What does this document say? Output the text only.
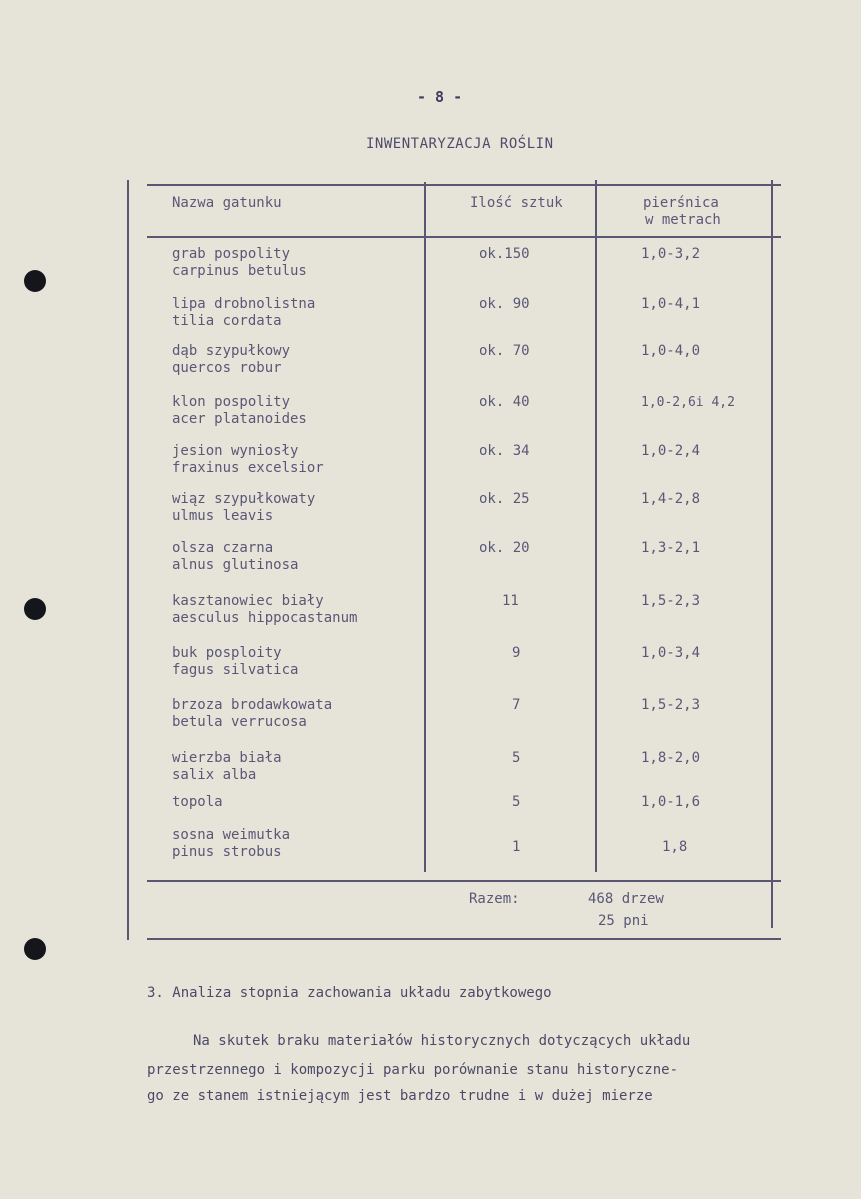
- 8 -
INWENTARYZACJA ROŚLIN
Nazwa gatunku	Ilość sztuk	pierśnica
w metrach
grab pospolity
carpinus betulus
ok.150	1,0-3,2
lipa drobnolistna
tilia cordata
ok. 90	1,0-4,1
dąb szypułkowy
quercos robur
ok. 70	1,0-4,0
klon pospolity
acer platanoides
ok. 40	1,0-2,6i 4,2
jesion wyniosły
fraxinus excelsior
ok. 34	1,0-2,4
wiąz szypułkowaty
ulmus leavis
ok. 25	1,4-2,8
olsza czarna
alnus glutinosa
ok. 20	1,3-2,1
kasztanowiec biały
aesculus hippocastanum
11	1,5-2,3
buk posploity
fagus silvatica
9	1,0-3,4
brzoza brodawkowata
betula verrucosa
7	1,5-2,3
wierzba biała
salix alba
5	1,8-2,0
topola	5	1,0-1,6
sosna weimutka
pinus strobus	1	1,8
Razem:	468 drzew
25 pni
3. Analiza stopnia zachowania układu zabytkowego
Na skutek braku materiałów historycznych dotyczących układu
przestrzennego i kompozycji parku porównanie stanu historyczne-
go ze stanem istniejącym jest bardzo trudne i w dużej mierze
